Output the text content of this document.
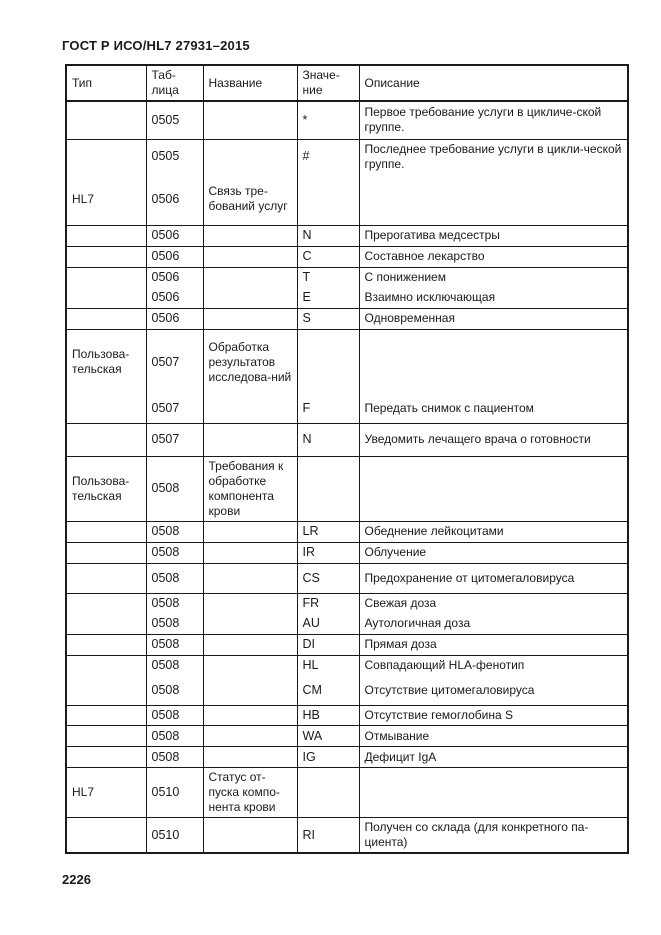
ГОСТ Р ИСО/HL7 27931–2015
Тип	Таб-лица	Название	Значе-ние	Описание
	0505		*	Первое требование услуги в цикличе-ской группе.
	0505		#	Последнее требование услуги в цикли-ческой группе.
HL7	0506	Связь тре-бований услуг		
	0506		N	Прерогатива медсестры
	0506		C	Составное лекарство
	0506		T	С понижением
	0506		E	Взаимно исключающая
	0506		S	Одновременная
Пользова-тельская	0507	Обработка результатов исследова-ний		
	0507		F	Передать снимок с пациентом
	0507		N	Уведомить лечащего врача о готовности
Пользова-тельская	0508	Требования к обработке компонента крови		
	0508		LR	Обеднение лейкоцитами
	0508		IR	Облучение
	0508		CS	Предохранение от цитомегаловируса
	0508		FR	Свежая доза
	0508		AU	Аутологичная доза
	0508		DI	Прямая доза
	0508		HL	Совпадающий HLA-фенотип
	0508		CM	Отсутствие цитомегаловируса
	0508		HB	Отсутствие гемоглобина S
	0508		WA	Отмывание
	0508		IG	Дефицит IgA
HL7	0510	Статус от-пуска компо-нента крови		
	0510		RI	Получен со склада (для конкретного па-циента)
2226
